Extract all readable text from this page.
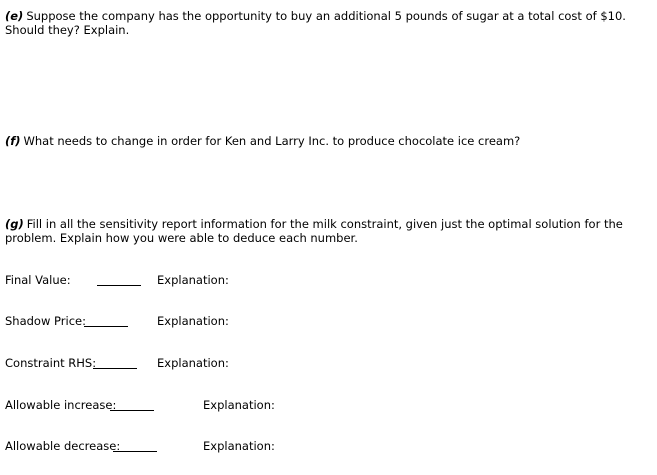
(e) Suppose the company has the opportunity to buy an additional 5 pounds of sugar at a total cost of $10. Should they? Explain.

(f) What needs to change in order for Ken and Larry Inc. to produce chocolate ice cream?

(g) Fill in all the sensitivity report information for the milk constraint, given just the optimal solution for the problem. Explain how you were able to deduce each number.

Final Value:	Explanation:
Shadow Price:	Explanation:
Constraint RHS:	Explanation:
Allowable increase:	Explanation:
Allowable decrease:	Explanation:
